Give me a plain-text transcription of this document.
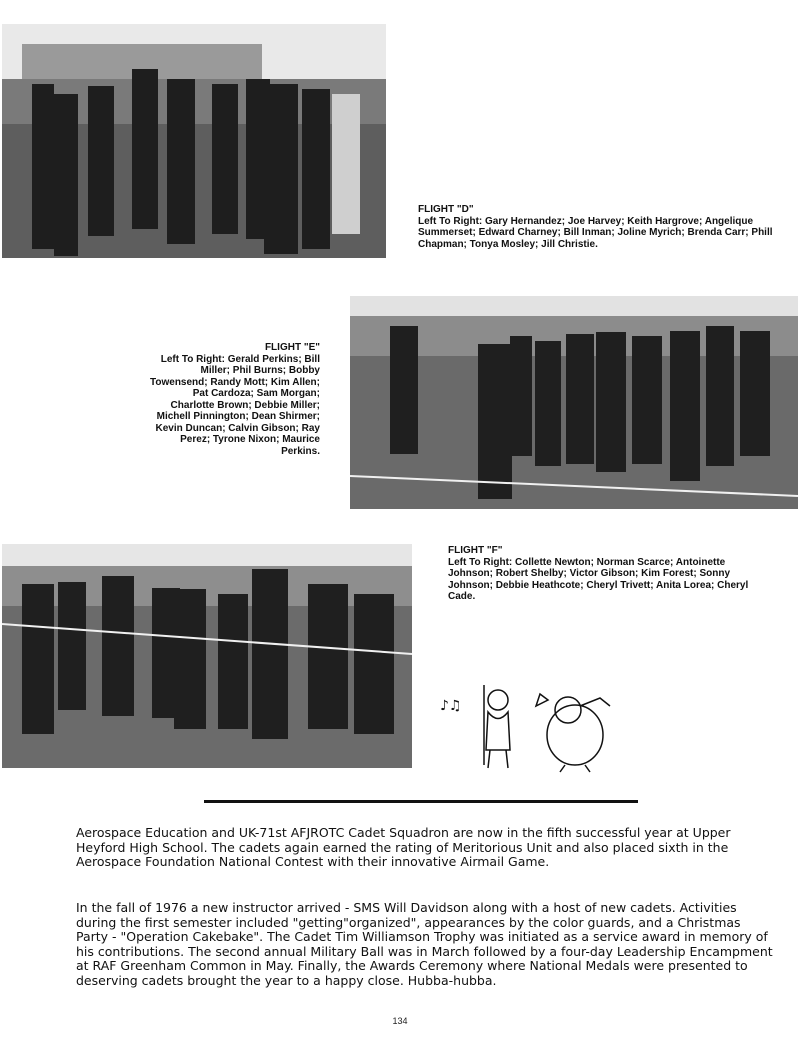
FLIGHT "D"
Left To Right: Gary Hernandez; Joe Harvey; Keith Hargrove; Angelique Summerset; Edward Charney; Bill Inman; Joline Myrich; Brenda Carr; Phill Chapman; Tonya Mosley; Jill Christie.
FLIGHT "E"
Left To Right: Gerald Perkins; Bill Miller; Phil Burns; Bobby Towensend; Randy Mott; Kim Allen; Pat Cardoza; Sam Morgan; Charlotte Brown; Debbie Miller; Michell Pinnington; Dean Shirmer; Kevin Duncan; Calvin Gibson; Ray Perez; Tyrone Nixon; Maurice Perkins.
FLIGHT "F"
Left To Right: Collette Newton; Norman Scarce; Antoinette Johnson; Robert Shelby; Victor Gibson; Kim Forest; Sonny Johnson; Debbie Heathcote; Cheryl Trivett; Anita Lorea; Cheryl Cade.
♪♫

Aerospace Education and UK-71st AFJROTC Cadet Squadron are now in the fifth successful year at Upper Heyford High School. The cadets again earned the rating of Meritorious Unit and also placed sixth in the Aerospace Foundation National Contest with their innovative Airmail Game.

In the fall of 1976 a new instructor arrived - SMS Will Davidson along with a host of new cadets. Activities during the first semester included "getting"organized", appearances by the color guards, and a Christmas Party - "Operation Cakebake". The Cadet Tim Williamson Trophy was initiated as a service award in memory of his contributions. The second annual Military Ball was in March followed by a four-day Leadership Encampment at RAF Greenham Common in May. Finally, the Awards Ceremony where National Medals were presented to deserving cadets brought the year to a happy close. Hubba-hubba.

134
